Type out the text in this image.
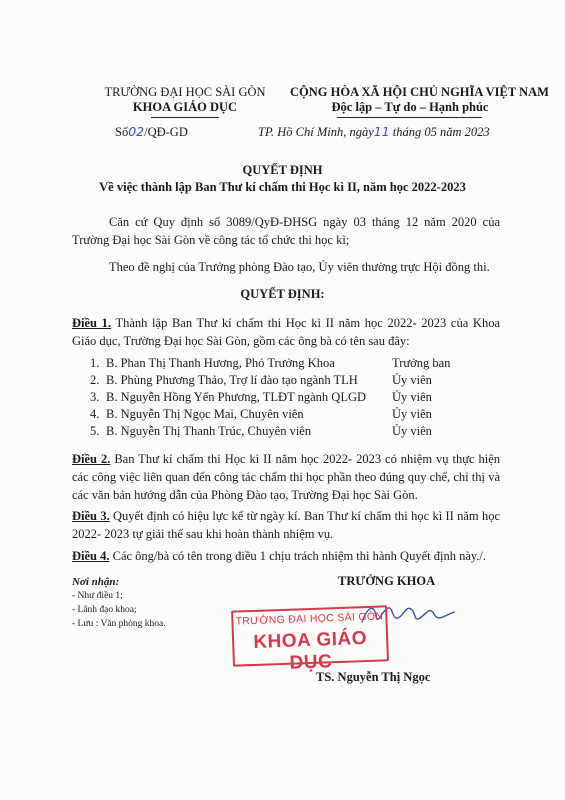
TRƯỜNG ĐẠI HỌC SÀI GÒN
KHOA GIÁO DỤC
CỘNG HÒA XÃ HỘI CHỦ NGHĨA VIỆT NAM
Độc lập – Tự do – Hạnh phúc
Số02/QĐ-GD	TP. Hồ Chí Minh, ngày11 tháng 05 năm 2023
QUYẾT ĐỊNH
Về việc thành lập Ban Thư kí chấm thi Học kì II, năm học 2022-2023
Căn cứ Quy định số 3089/QyĐ-ĐHSG ngày 03 tháng 12 năm 2020 của Trường Đại học Sài Gòn về công tác tổ chức thi học kì;
Theo đề nghị của Trưởng phòng Đào tạo, Ủy viên thường trực Hội đồng thi.
QUYẾT ĐỊNH:
Điều 1. Thành lập Ban Thư kí chấm thi Học kì II năm học 2022- 2023 của Khoa Giáo dục, Trường Đại học Sài Gòn, gồm các ông bà có tên sau đây:
1. B. Phan Thị Thanh Hương, Phó Trưởng Khoa	Trưởng ban
2. B. Phùng Phương Thảo, Trợ lí đào tạo ngành TLH	Ủy viên
3. B. Nguyễn Hồng Yến Phương, TLĐT ngành QLGD Ủy viên
4. B. Nguyễn Thị Ngọc Mai, Chuyên viên	Ủy viên
5. B. Nguyễn Thị Thanh Trúc, Chuyên viên	Ủy viên
Điều 2. Ban Thư kí chấm thi Học kì II năm học 2022- 2023 có nhiệm vụ thực hiện các công việc liên quan đến công tác chấm thi học phần theo đúng quy chế, chỉ thị và các văn bản hướng dẫn của Phòng Đào tạo, Trường Đại học Sài Gòn.
Điều 3. Quyết định có hiệu lực kể từ ngày kí. Ban Thư kí chấm thi học kì II năm học 2022- 2023 tự giải thể sau khi hoàn thành nhiệm vụ.
Điều 4. Các ông/bà có tên trong điều 1 chịu trách nhiệm thi hành Quyết định này./.
Nơi nhận:
- Như điều 1;
- Lãnh đạo khoa;
- Lưu : Văn phòng khoa.
TRƯỞNG KHOA
TRƯỜNG ĐẠI HỌC SÀI GÒN
KHOA GIÁO DỤC
TS. Nguyễn Thị Ngọc
